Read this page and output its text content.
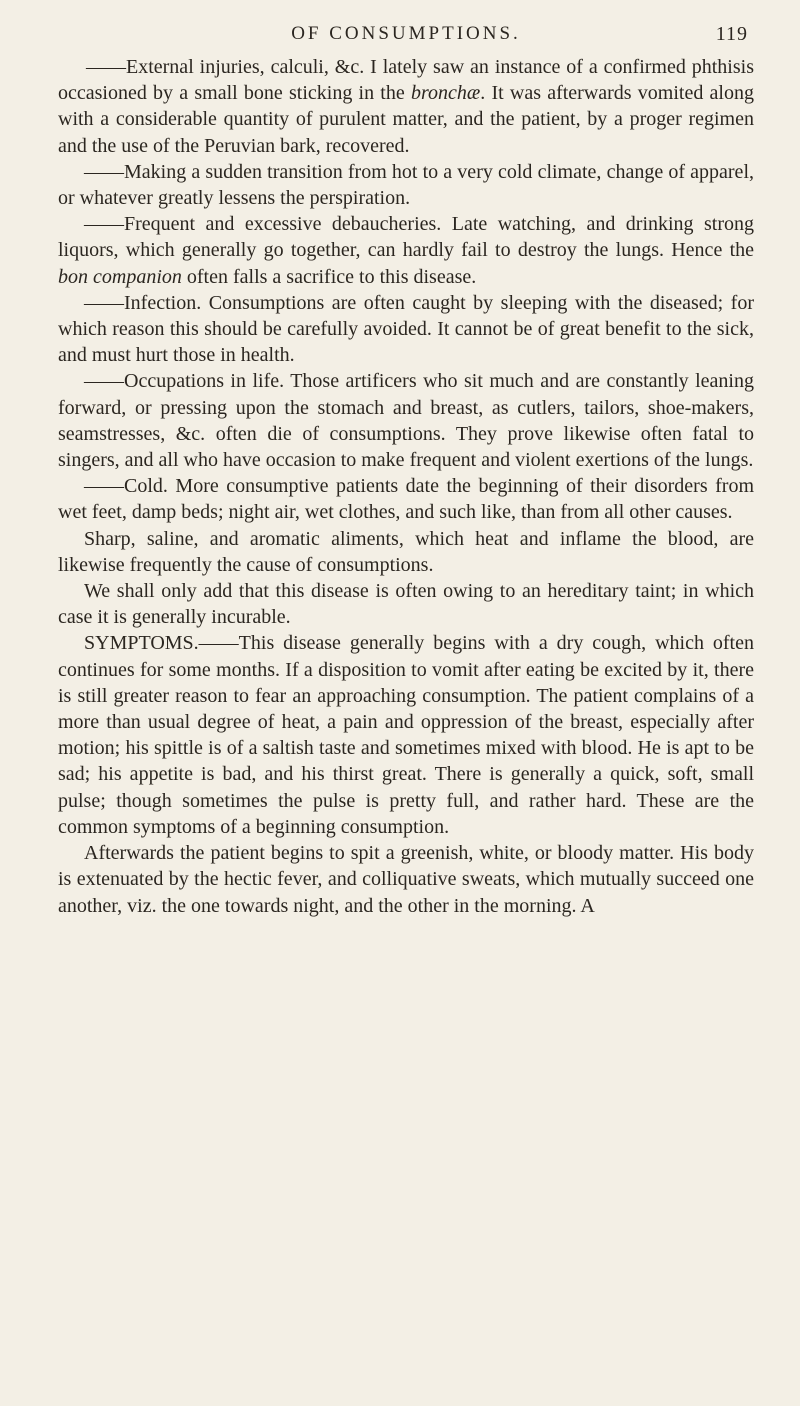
OF CONSUMPTIONS.	119

——External injuries, calculi, &c. I lately saw an instance of a confirmed phthisis occasioned by a small bone sticking in the bronchæ. It was afterwards vomited along with a considerable quantity of purulent matter, and the patient, by a proger regimen and the use of the Peruvian bark, recovered.

——Making a sudden transition from hot to a very cold climate, change of apparel, or whatever greatly lessens the perspiration.

——Frequent and excessive debaucheries. Late watching, and drinking strong liquors, which generally go together, can hardly fail to destroy the lungs. Hence the bon companion often falls a sacrifice to this disease.

——Infection. Consumptions are often caught by sleeping with the diseased; for which reason this should be carefully avoided. It cannot be of great benefit to the sick, and must hurt those in health.

——Occupations in life. Those artificers who sit much and are constantly leaning forward, or pressing upon the stomach and breast, as cutlers, tailors, shoe-makers, seamstresses, &c. often die of consumptions. They prove likewise often fatal to singers, and all who have occasion to make frequent and violent exertions of the lungs.

——Cold. More consumptive patients date the beginning of their disorders from wet feet, damp beds; night air, wet clothes, and such like, than from all other causes.

Sharp, saline, and aromatic aliments, which heat and inflame the blood, are likewise frequently the cause of consumptions.

We shall only add that this disease is often owing to an hereditary taint; in which case it is generally incurable.

SYMPTOMS.——This disease generally begins with a dry cough, which often continues for some months. If a disposition to vomit after eating be excited by it, there is still greater reason to fear an approaching consumption. The patient complains of a more than usual degree of heat, a pain and oppression of the breast, especially after motion; his spittle is of a saltish taste and sometimes mixed with blood. He is apt to be sad; his appetite is bad, and his thirst great. There is generally a quick, soft, small pulse; though sometimes the pulse is pretty full, and rather hard. These are the common symptoms of a beginning consumption.

Afterwards the patient begins to spit a greenish, white, or bloody matter. His body is extenuated by the hectic fever, and colliquative sweats, which mutually succeed one another, viz. the one towards night, and the other in the morning. A
